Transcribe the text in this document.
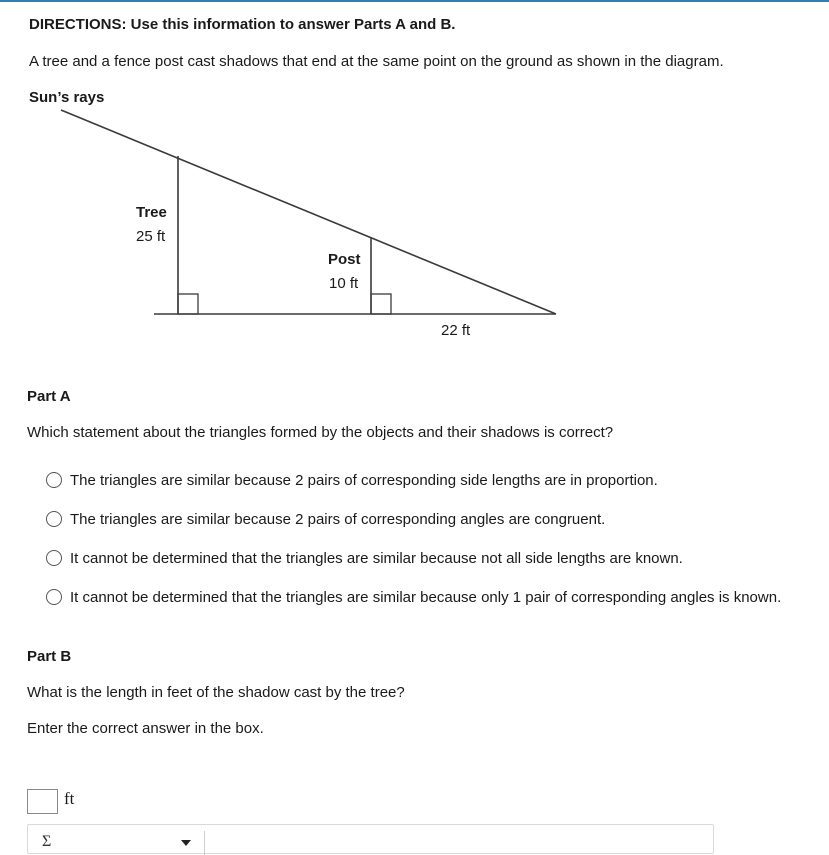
DIRECTIONS: Use this information to answer Parts A and B.
A tree and a fence post cast shadows that end at the same point on the ground as shown in the diagram.
Sun’s rays
Tree
25 ft
Post
10 ft
22 ft
Part A
Which statement about the triangles formed by the objects and their shadows is correct?
The triangles are similar because 2 pairs of corresponding side lengths are in proportion.
The triangles are similar because 2 pairs of corresponding angles are congruent.
It cannot be determined that the triangles are similar because not all side lengths are known.
It cannot be determined that the triangles are similar because only 1 pair of corresponding angles is known.
Part B
What is the length in feet of the shadow cast by the tree?
Enter the correct answer in the box.
ft
Σ
